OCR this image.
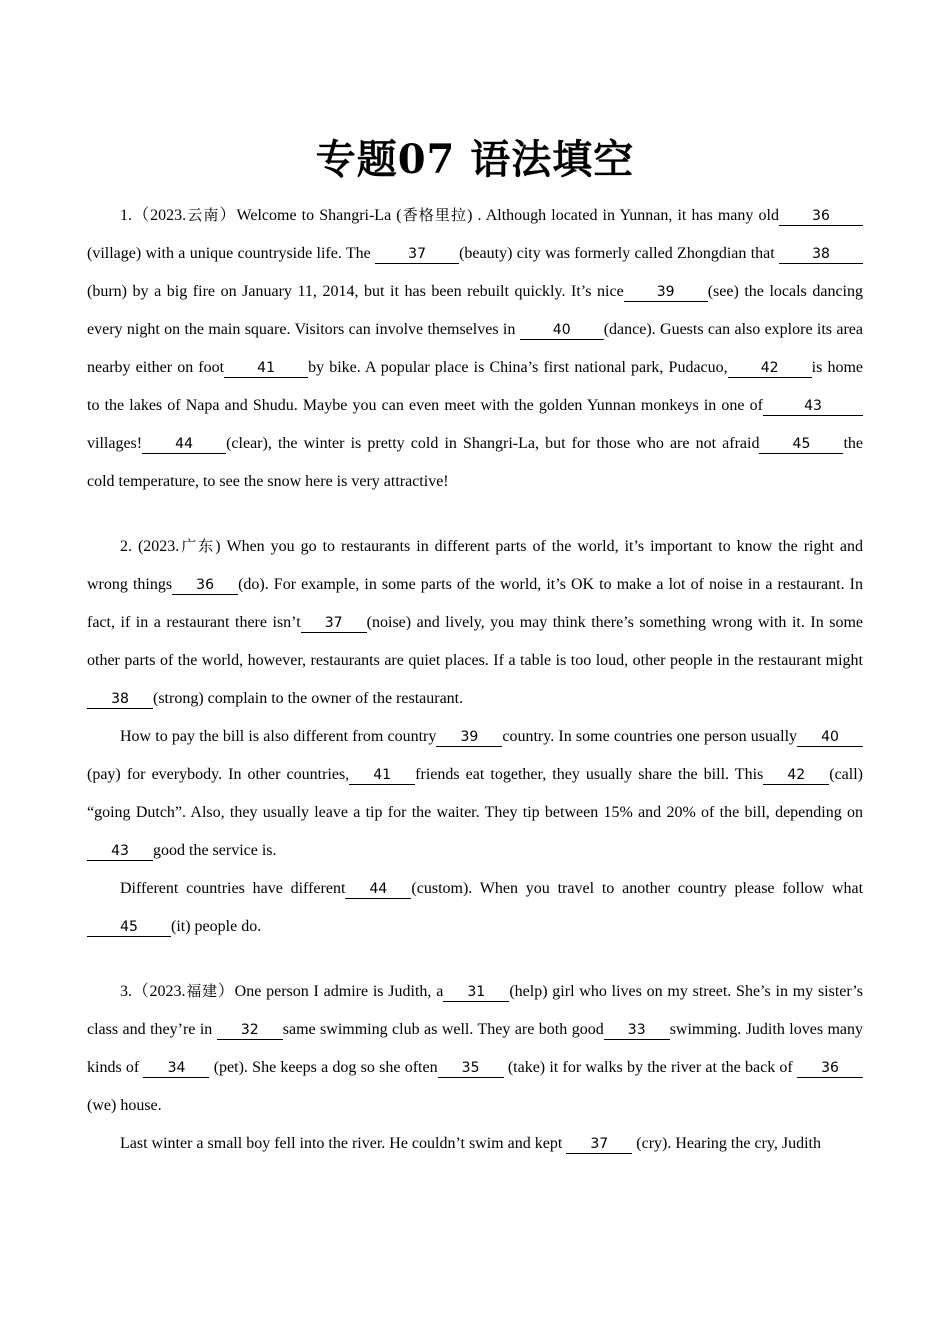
专题07 语法填空

1.（2023.云南）Welcome to Shangri-La (香格里拉) . Although located in Yunnan, it has many old 36(village) with a unique countryside life. The 37 (beauty) city was formerly called Zhongdian that 38(burn) by a big fire on January 11, 2014, but it has been rebuilt quickly. It’s nice 39 (see) the locals dancing every night on the main square. Visitors can involve themselves in 40 (dance). Guests can also explore its area nearby either on foot 41 by bike. A popular place is China’s first national park, Pudacuo, 42 is home to the lakes of Napa and Shudu. Maybe you can even meet with the golden Yunnan monkeys in one of	43villages! 44 (clear), the winter is pretty cold in Shangri-La, but for those who are not afraid 45 the cold temperature, to see the snow here is very attractive!

2. (2023.广东) When you go to restaurants in different parts of the world, it’s important to know the right and wrong things 36 (do). For example, in some parts of the world, it’s OK to make a lot of noise in a restaurant. In fact, if in a restaurant there isn’t 37 (noise) and lively, you may think there’s something wrong with it. In some other parts of the world, however, restaurants are quiet places. If a table is too loud, other people in the restaurant might38 (strong) complain to the owner of the restaurant.

How to pay the bill is also different from country 39 country. In some countries one person usually 40(pay) for everybody. In other countries, 41 friends eat together, they usually share the bill. This 42 (call) “going Dutch”. Also, they usually leave a tip for the waiter. They tip between 15% and 20% of the bill, depending on43 good the service is.

Different countries have different 44 (custom). When you travel to another country please follow what45 (it) people do.

3.（2023.福建）One person I admire is Judith, a 31 (help) girl who lives on my street. She’s in my sister’s class and they’re in 32 same swimming club as well. They are both good 33 swimming. Judith loves many kinds of 34 (pet). She keeps a dog so she often 35 (take) it for walks by the river at the back of 36(we) house.

Last winter a small boy fell into the river. He couldn’t swim and kept 37 (cry). Hearing the cry, Judith
